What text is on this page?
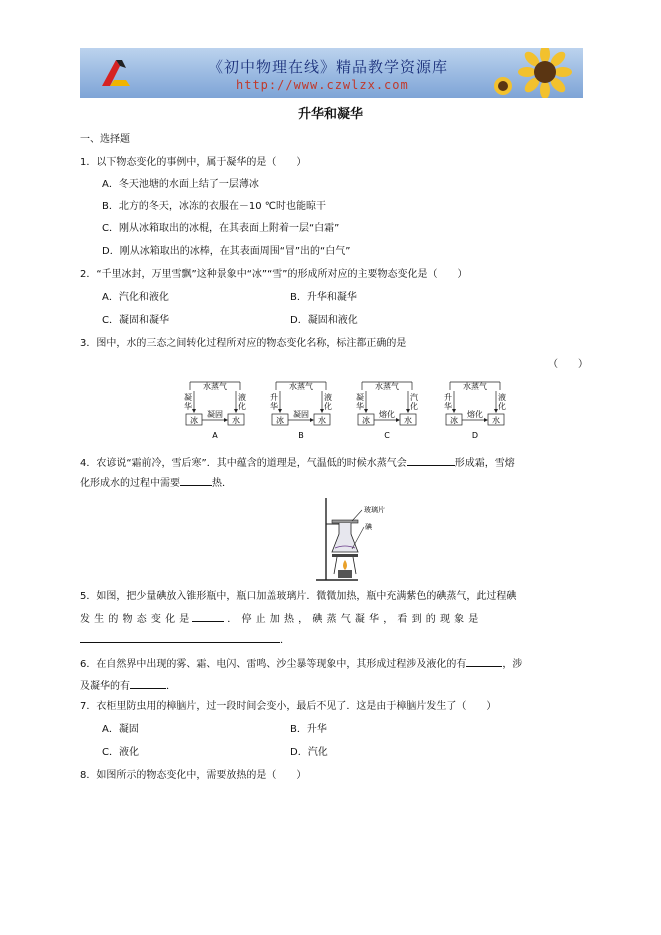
《初中物理在线》精品教学资源库
http://www.czwlzx.com
升华和凝华
一、选择题
1．以下物态变化的事例中，属于凝华的是（　　）
A．冬天池塘的水面上结了一层薄冰
B．北方的冬天，冰冻的衣服在－10 ℃时也能晾干
C．刚从冰箱取出的冰棍，在其表面上附着一层“白霜”
D．刚从冰箱取出的冰棒，在其表面周围“冒”出的“白气”
2．“千里冰封，万里雪飘”这种景象中“冰”“雪”的形成所对应的主要物态变化是（　　）
A．汽化和液化	B．升华和凝华
C．凝固和凝华	D．凝固和液化
3．图中，水的三态之间转化过程所对应的物态变化名称，标注都正确的是
（　　）
水蒸气
凝
华
液
化
冰	水
凝固
A
水蒸气
升
华
液
化
冰	水
凝固
B
水蒸气
凝
华
汽
化
冰	水
熔化
C
水蒸气
升
华
液
化
冰	水
熔化
D
4．农谚说“霜前冷，雪后寒”．其中蕴含的道理是，气温低的时候水蒸气会	形成霜，雪熔
化形成水的过程中需要	热．
玻璃片
碘
5．如图，把少量碘放入锥形瓶中，瓶口加盖玻璃片．微微加热，瓶中充满紫色的碘蒸气，此过程碘
发 生 的 物 态 变 化 是	． 停 止 加 热 ， 碘 蒸 气 凝 华 ， 看 到 的 现 象 是
．
6．在自然界中出现的雾、霜、电闪、雷鸣、沙尘暴等现象中，其形成过程涉及液化的有	，涉
及凝华的有	．
7．衣柜里防虫用的樟脑片，过一段时间会变小，最后不见了．这是由于樟脑片发生了（　　）
A．凝固	B．升华
C．液化	D．汽化
8．如图所示的物态变化中，需要放热的是（　　）
